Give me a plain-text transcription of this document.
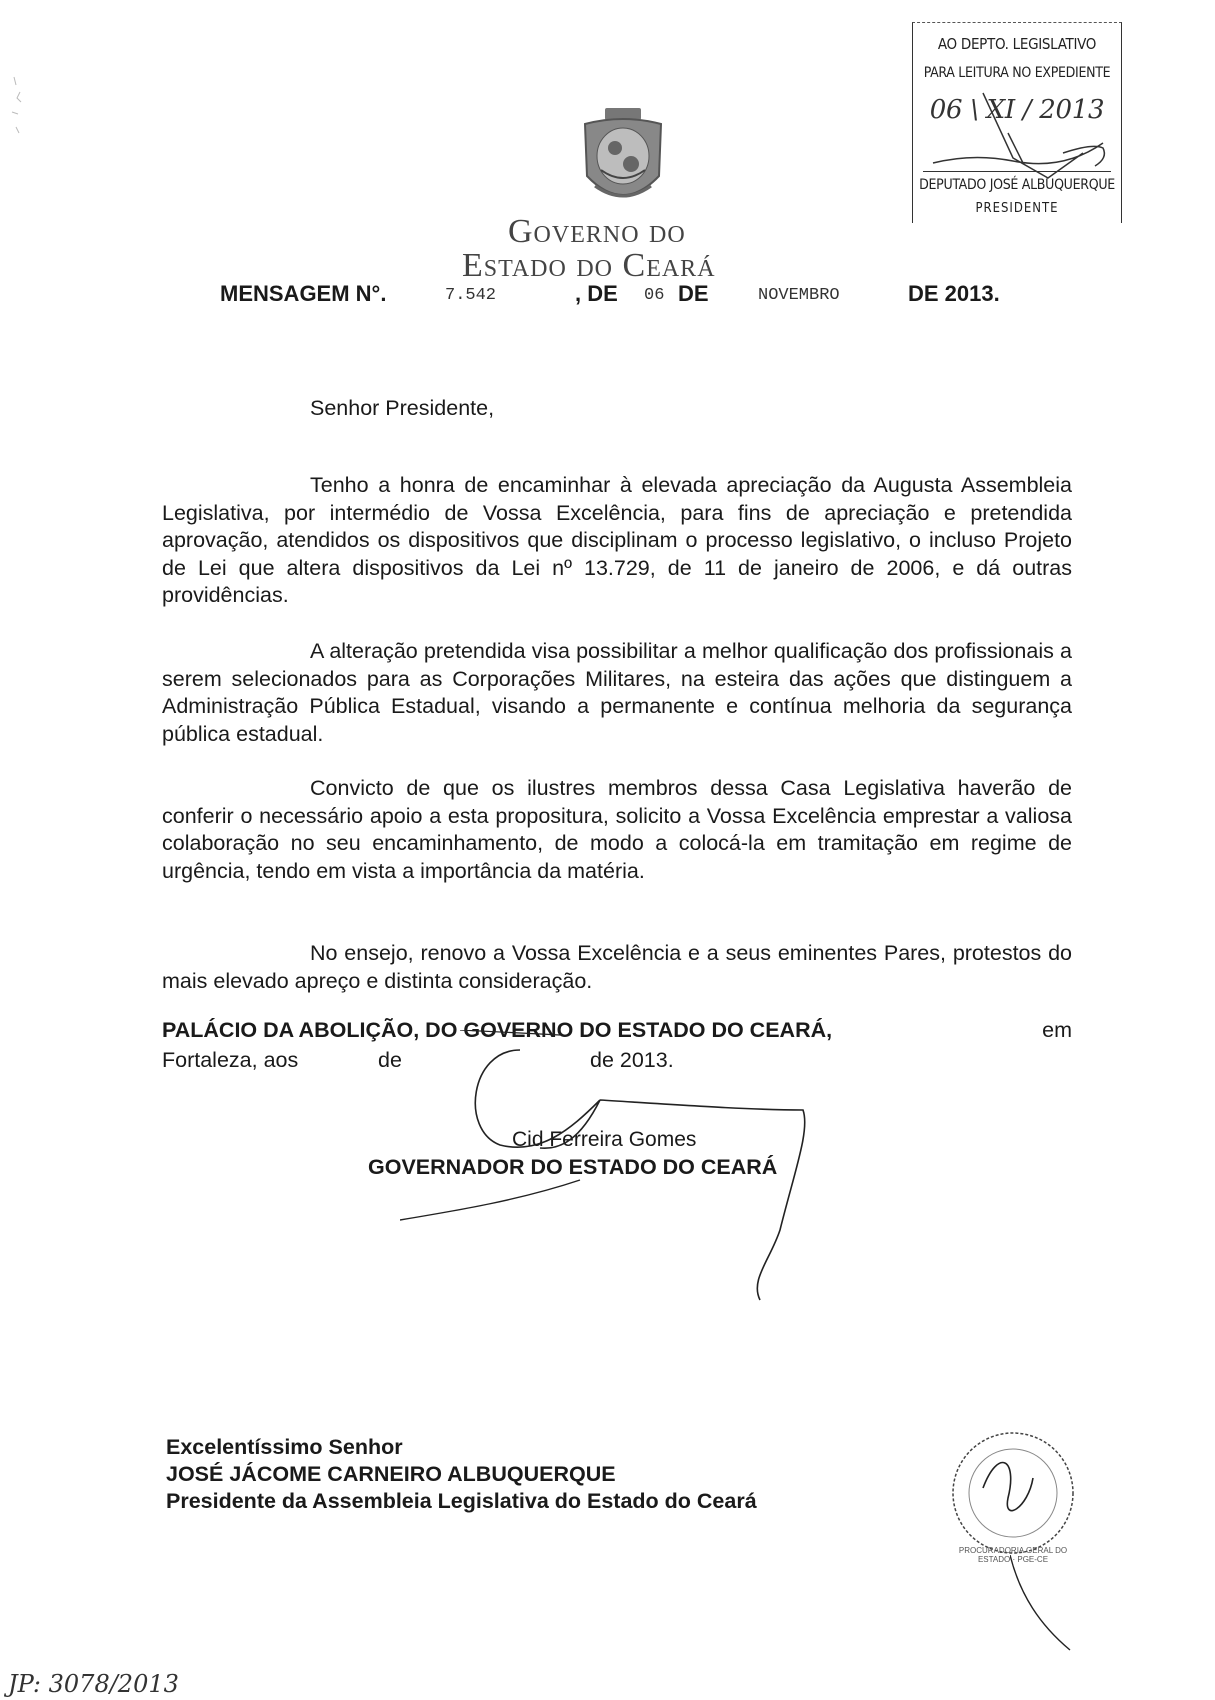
AO DEPTO. LEGISLATIVO
PARA LEITURA NO EXPEDIENTE
06 \ XI / 2013
DEPUTADO JOSÉ ALBUQUERQUE
PRESIDENTE
Governo do
Estado do Ceará
MENSAGEM N°.	7.542	, DE 06 DE	NOVEMBRO	DE 2013.
Senhor Presidente,
Tenho a honra de encaminhar à elevada apreciação da Augusta Assembleia Legislativa, por intermédio de Vossa Excelência, para fins de apreciação e pretendida aprovação, atendidos os dispositivos que disciplinam o processo legislativo, o incluso Projeto de Lei que altera dispositivos da Lei nº 13.729, de 11 de janeiro de 2006, e dá outras providências.
A alteração pretendida visa possibilitar a melhor qualificação dos profissionais a serem selecionados para as Corporações Militares, na esteira das ações que distinguem a Administração Pública Estadual, visando a permanente e contínua melhoria da segurança pública estadual.
Convicto de que os ilustres membros dessa Casa Legislativa haverão de conferir o necessário apoio a esta propositura, solicito a Vossa Excelência emprestar a valiosa colaboração no seu encaminhamento, de modo a colocá-la em tramitação em regime de urgência, tendo em vista a importância da matéria.
No ensejo, renovo a Vossa Excelência e a seus eminentes Pares, protestos do mais elevado apreço e distinta consideração.
PALÁCIO DA ABOLIÇÃO, DO GOVERNO DO ESTADO DO CEARÁ,	em
Fortaleza, aos	de	de 2013.
Cid Ferreira Gomes
GOVERNADOR DO ESTADO DO CEARÁ
Excelentíssimo Senhor
JOSÉ JÁCOME CARNEIRO ALBUQUERQUE
Presidente da Assembleia Legislativa do Estado do Ceará
PROCURADORIA GERAL DO ESTADO · PGE-CE
JP: 3078/2013
